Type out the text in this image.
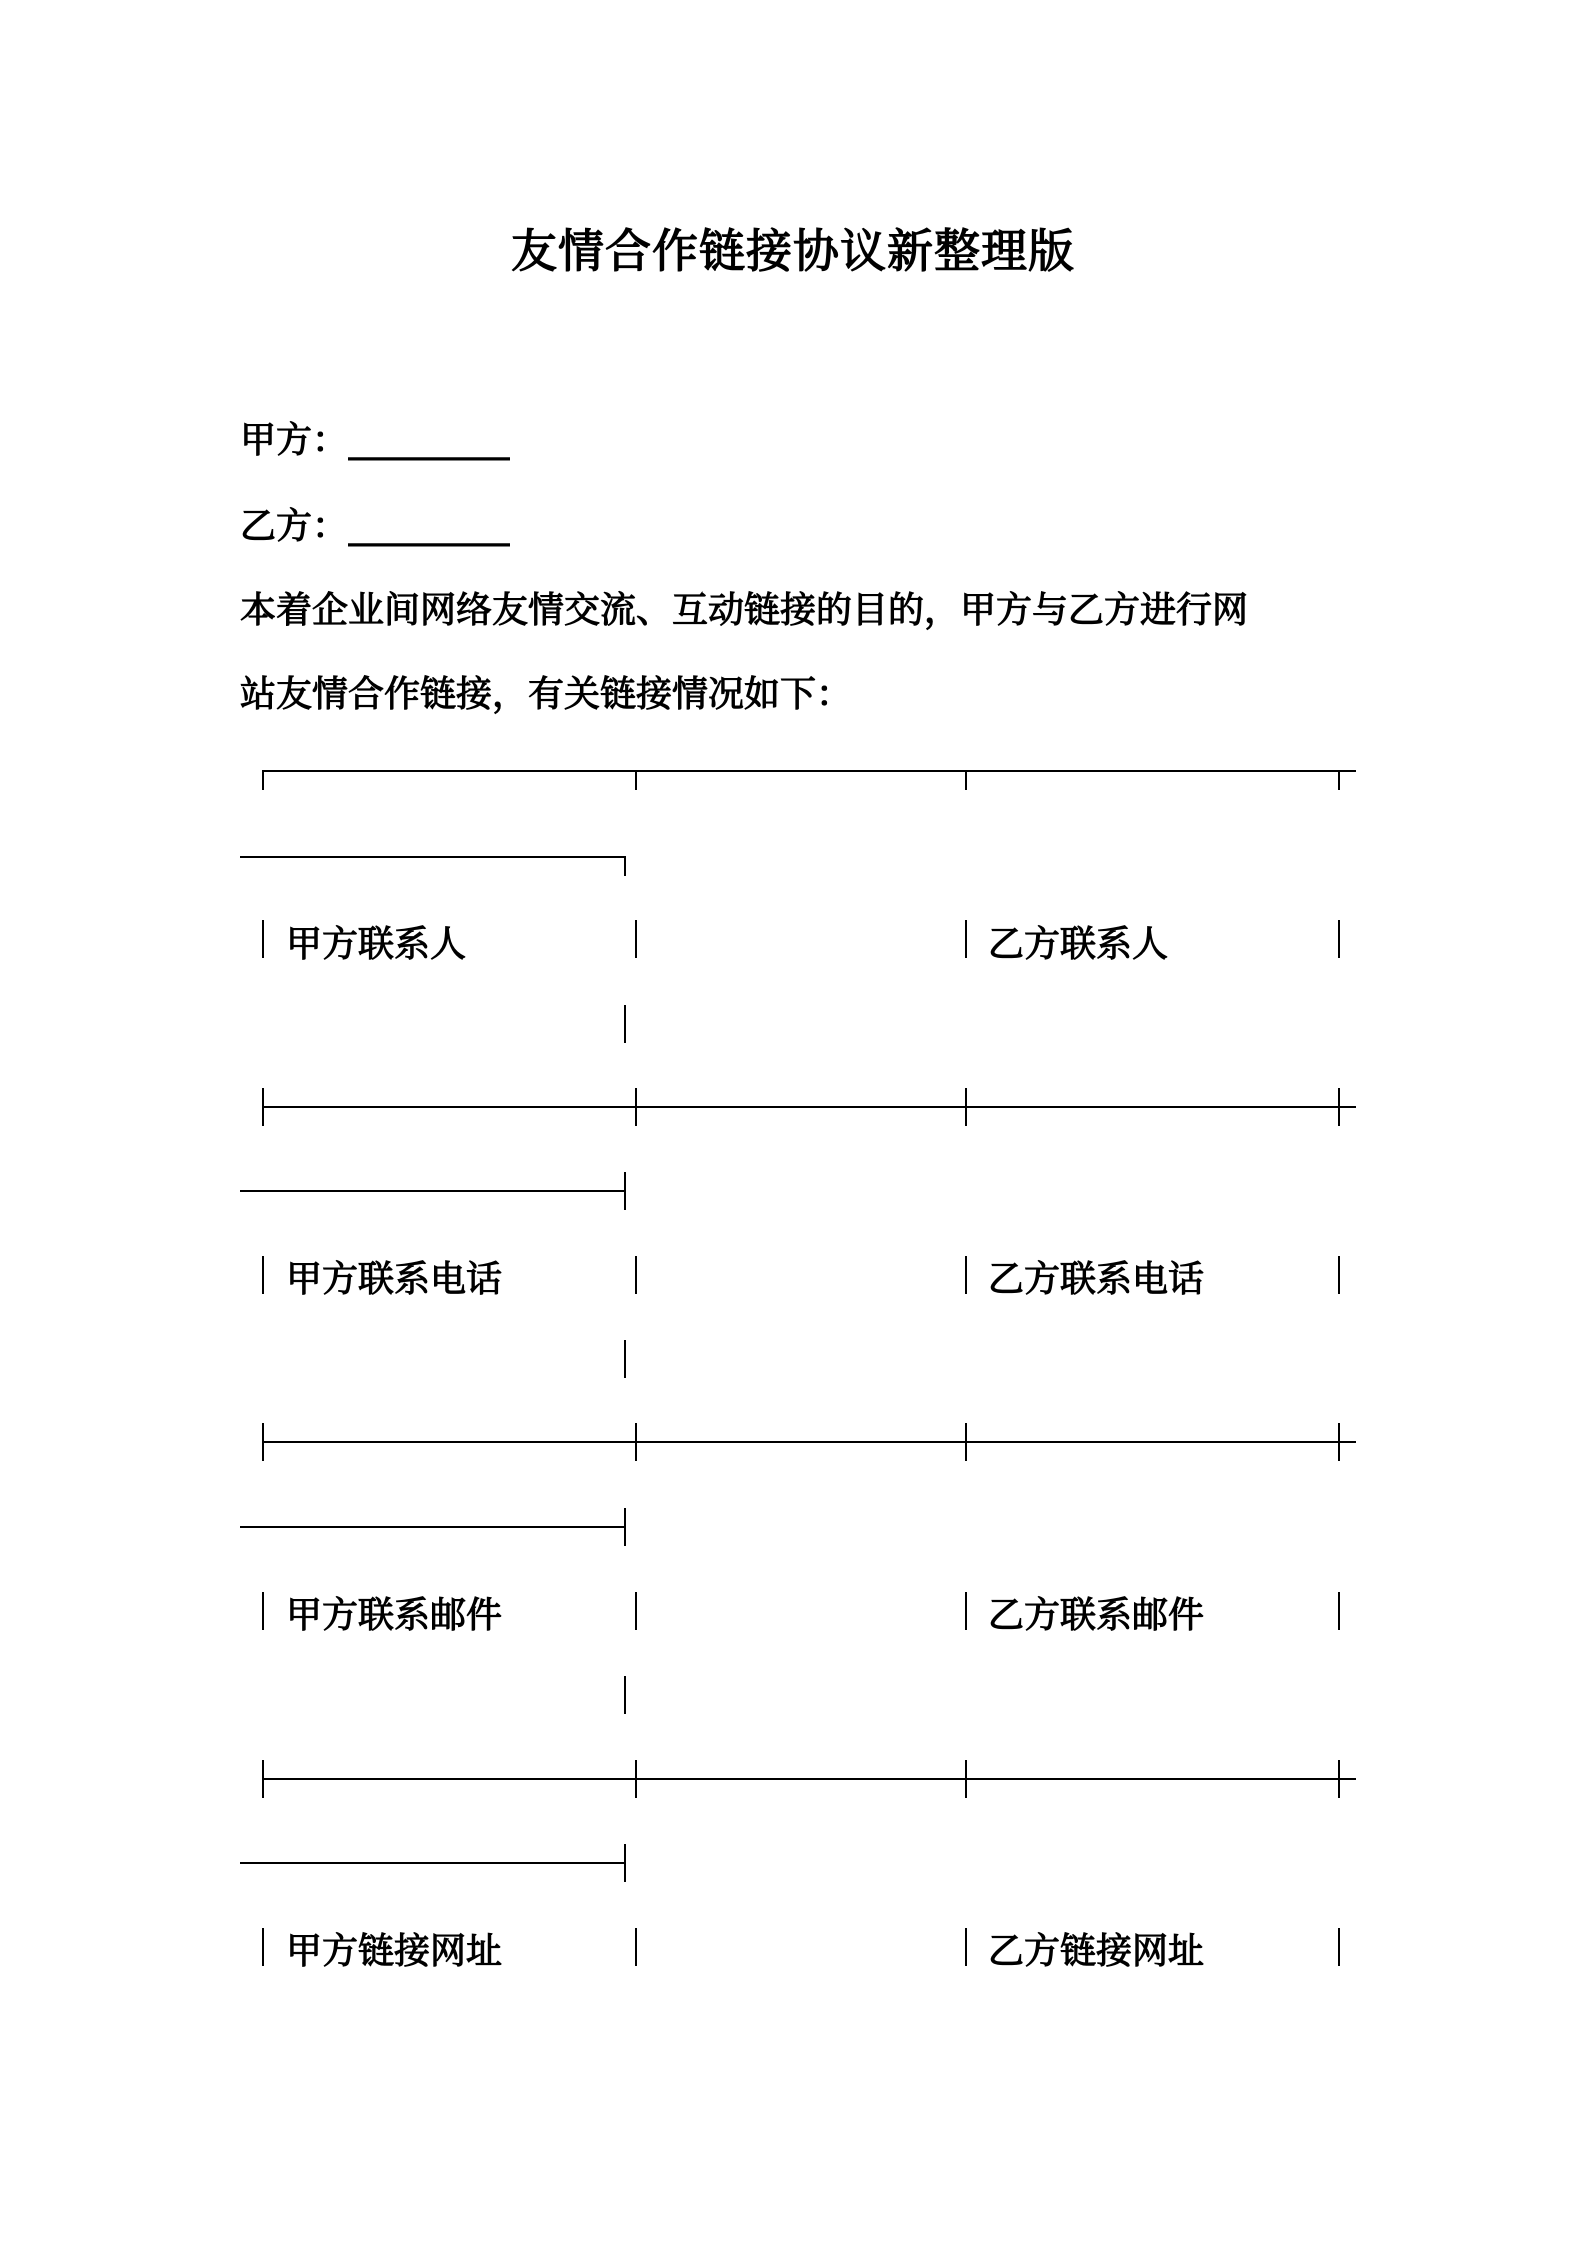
友情合作链接协议新整理版
甲方：_________
乙方：_________
本着企业间网络友情交流、互动链接的目的，甲方与乙方进行网
站友情合作链接，有关链接情况如下：
甲方联系人	乙方联系人
甲方联系电话	乙方联系电话
甲方联系邮件	乙方联系邮件
甲方链接网址	乙方链接网址
